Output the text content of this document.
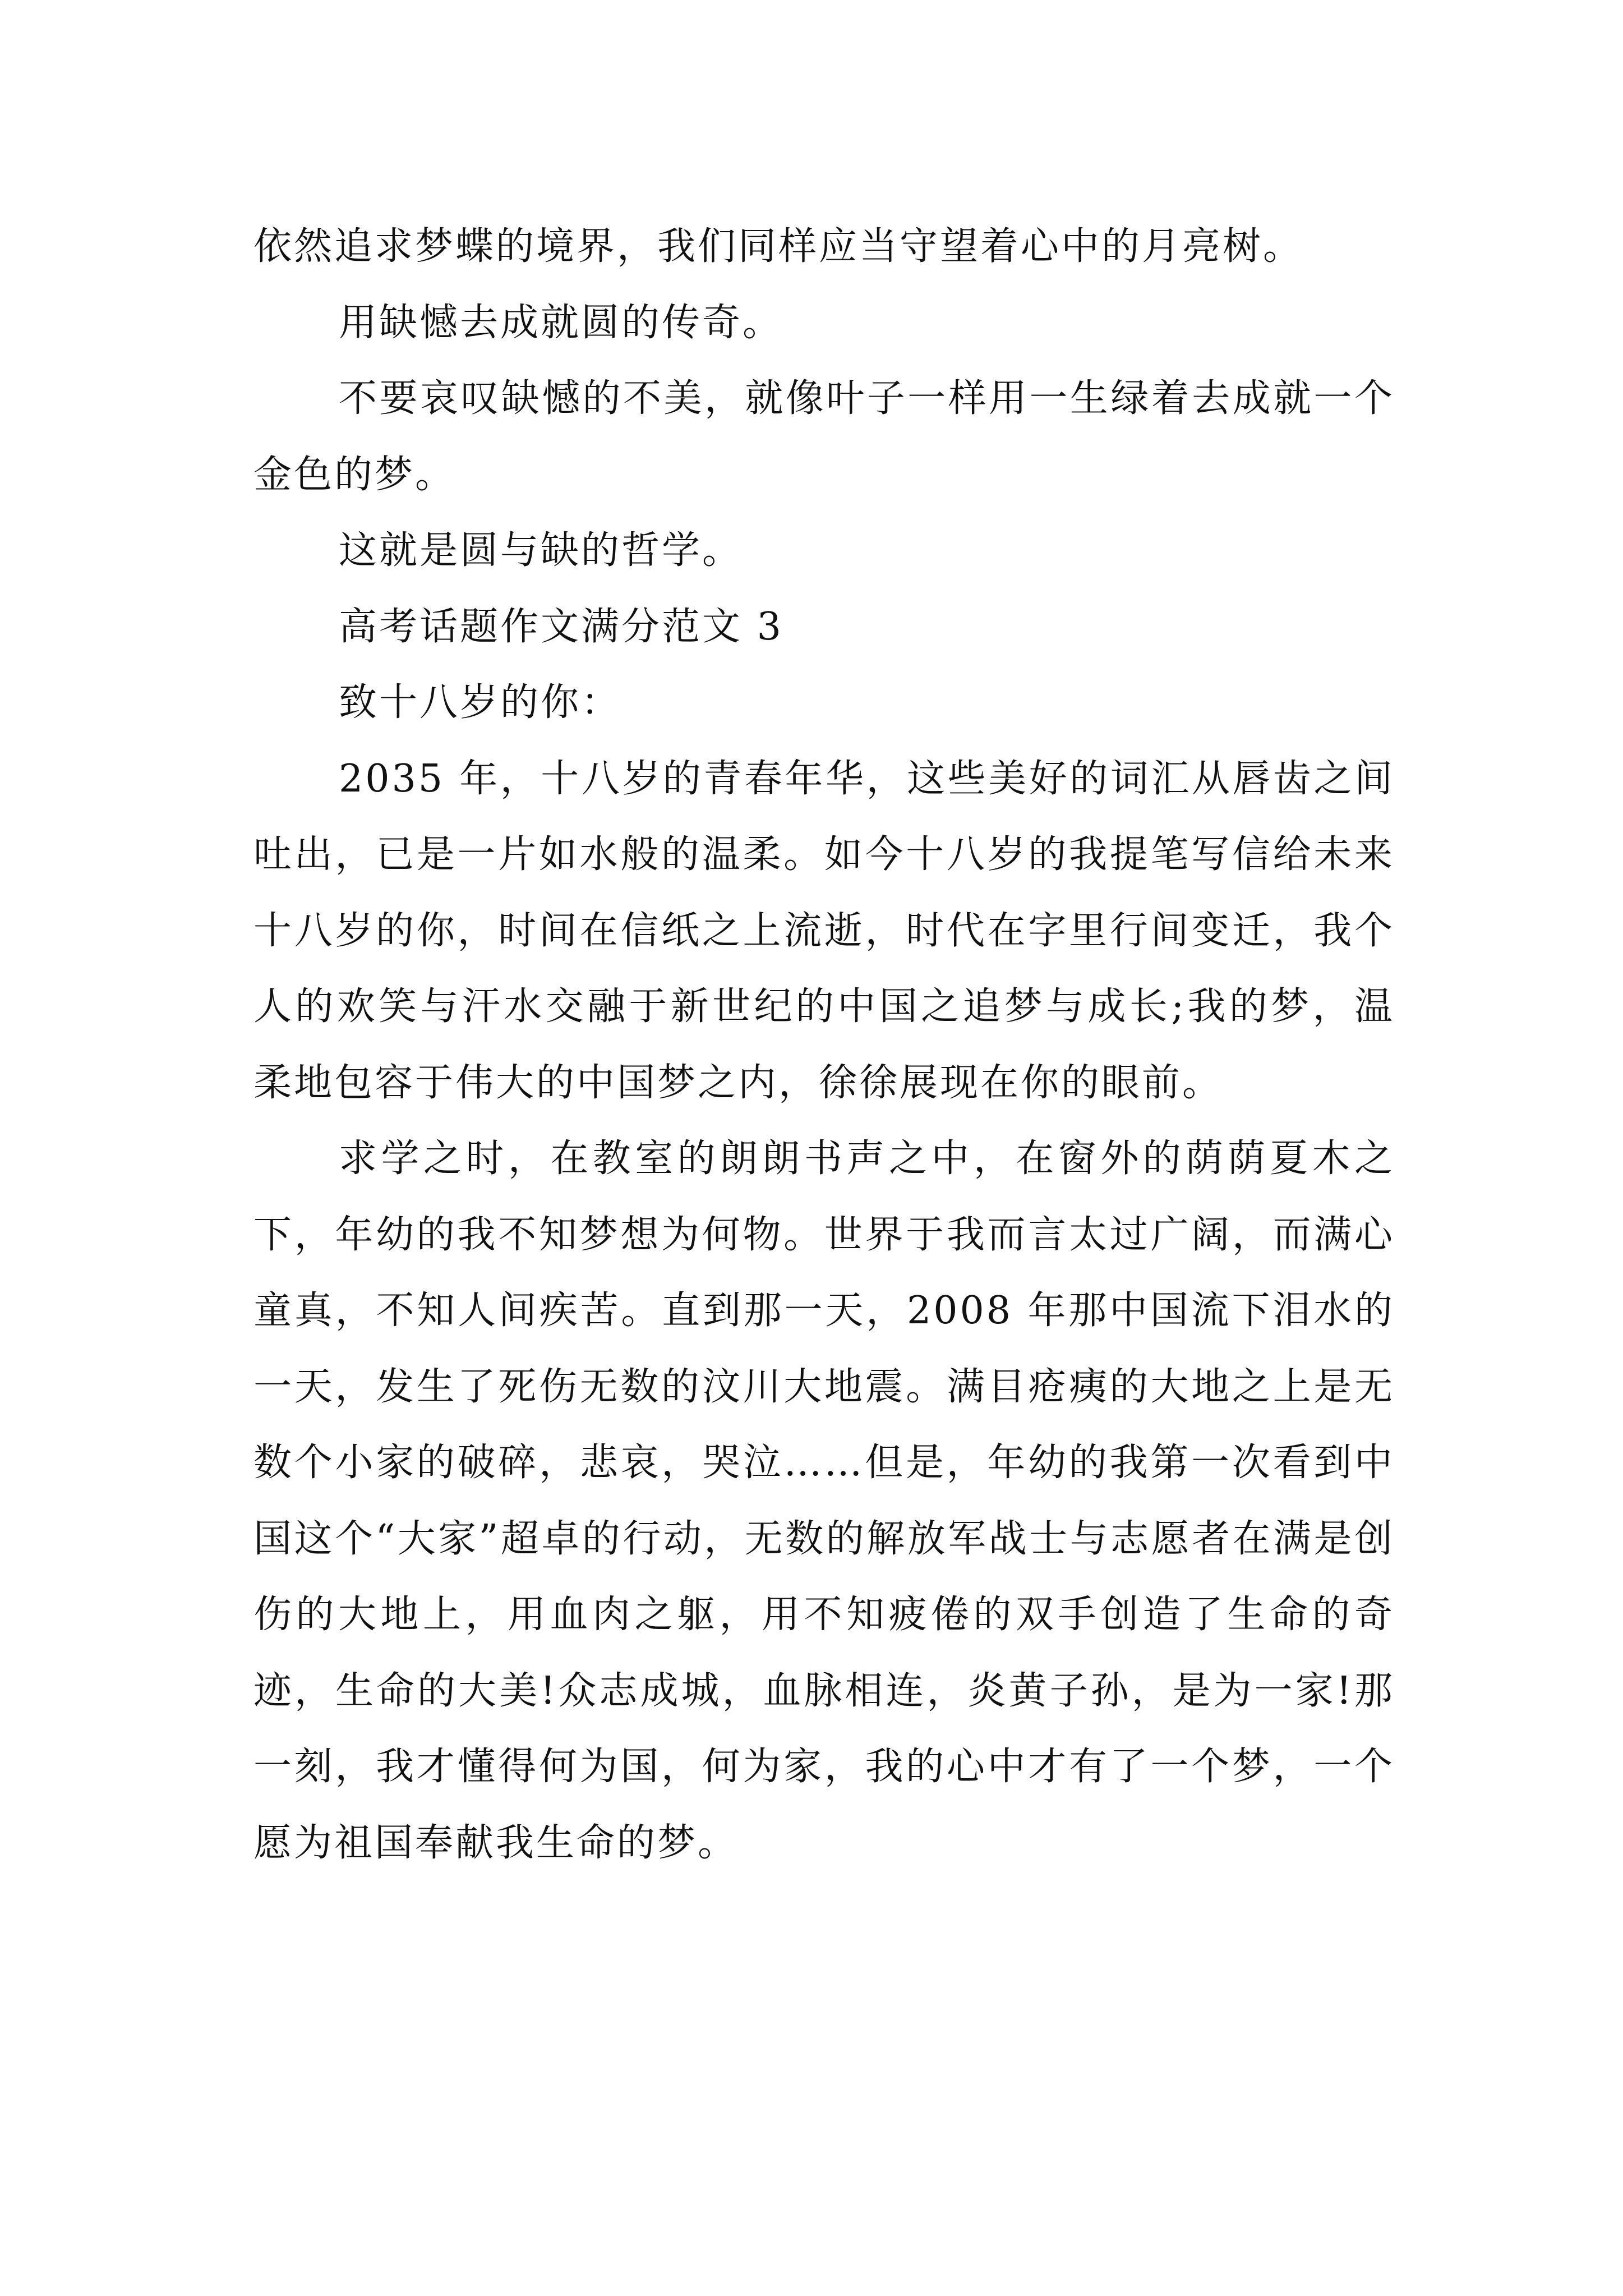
依然追求梦蝶的境界，我们同样应当守望着心中的月亮树。

用缺憾去成就圆的传奇。

不要哀叹缺憾的不美，就像叶子一样用一生绿着去成就一个金色的梦。

这就是圆与缺的哲学。

高考话题作文满分范文 3

致十八岁的你：

2035 年，十八岁的青春年华，这些美好的词汇从唇齿之间吐出，已是一片如水般的温柔。如今十八岁的我提笔写信给未来十八岁的你，时间在信纸之上流逝，时代在字里行间变迁，我个人的欢笑与汗水交融于新世纪的中国之追梦与成长;我的梦，温柔地包容于伟大的中国梦之内，徐徐展现在你的眼前。

求学之时，在教室的朗朗书声之中，在窗外的荫荫夏木之下，年幼的我不知梦想为何物。世界于我而言太过广阔，而满心童真，不知人间疾苦。直到那一天，2008 年那中国流下泪水的一天，发生了死伤无数的汶川大地震。满目疮痍的大地之上是无数个小家的破碎，悲哀，哭泣……但是，年幼的我第一次看到中国这个“大家”超卓的行动，无数的解放军战士与志愿者在满是创伤的大地上，用血肉之躯，用不知疲倦的双手创造了生命的奇迹，生命的大美!众志成城，血脉相连，炎黄子孙，是为一家!那一刻，我才懂得何为国，何为家，我的心中才有了一个梦，一个愿为祖国奉献我生命的梦。
